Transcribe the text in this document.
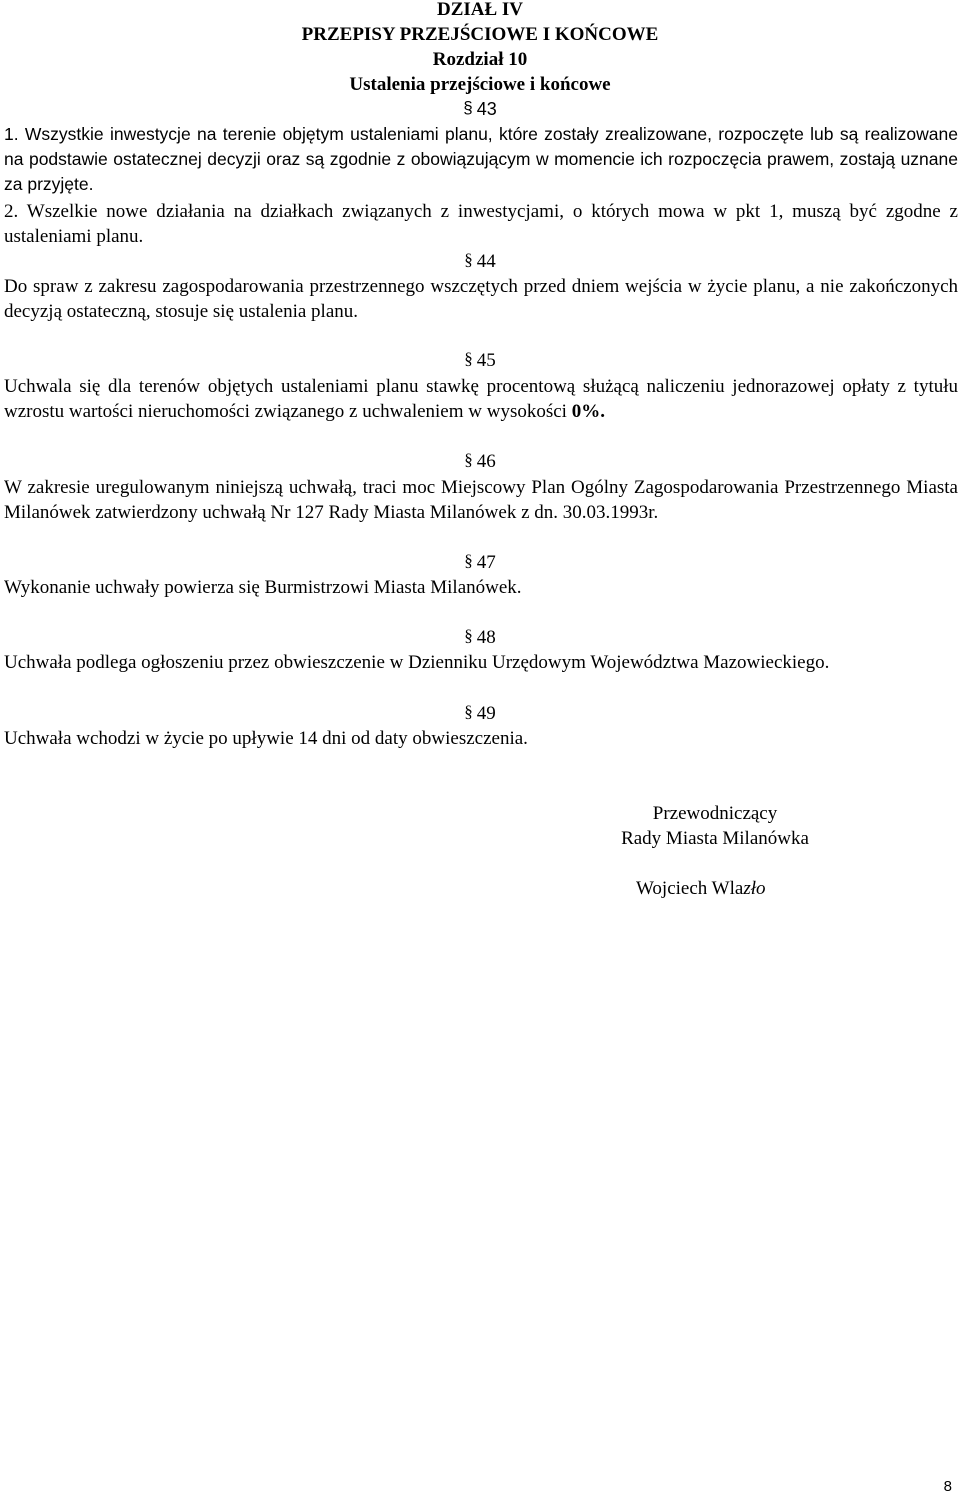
DZIAŁ IV
PRZEPISY PRZEJŚCIOWE I KOŃCOWE
Rozdział 10
Ustalenia przejściowe i końcowe
§ 43
1. Wszystkie inwestycje na terenie objętym ustaleniami planu, które zostały zrealizowane, rozpoczęte lub są realizowane na podstawie ostatecznej decyzji oraz są zgodnie z obowiązującym w momencie ich rozpoczęcia prawem, zostają uznane za przyjęte.
2. Wszelkie nowe działania na działkach związanych z inwestycjami, o których mowa w pkt 1, muszą być zgodne z ustaleniami planu.
§ 44
Do spraw z zakresu zagospodarowania przestrzennego wszczętych przed dniem wejścia w życie planu, a nie zakończonych decyzją ostateczną, stosuje się ustalenia planu.
§ 45
Uchwala się dla terenów objętych ustaleniami planu stawkę procentową służącą naliczeniu jednorazowej opłaty z tytułu wzrostu wartości nieruchomości związanego z uchwaleniem w wysokości 0%.
§ 46
W zakresie uregulowanym niniejszą uchwałą, traci moc Miejscowy Plan Ogólny Zagospodarowania Przestrzennego Miasta Milanówek zatwierdzony uchwałą Nr 127 Rady Miasta Milanówek z dn. 30.03.1993r.
§ 47
Wykonanie uchwały powierza się Burmistrzowi Miasta Milanówek.
§ 48
Uchwała podlega ogłoszeniu przez obwieszczenie w Dzienniku Urzędowym Województwa Mazowieckiego.
§ 49
Uchwała wchodzi w życie po upływie 14 dni od daty obwieszczenia.
Przewodniczący
Rady Miasta Milanówka
Wojciech Wlazło
8
